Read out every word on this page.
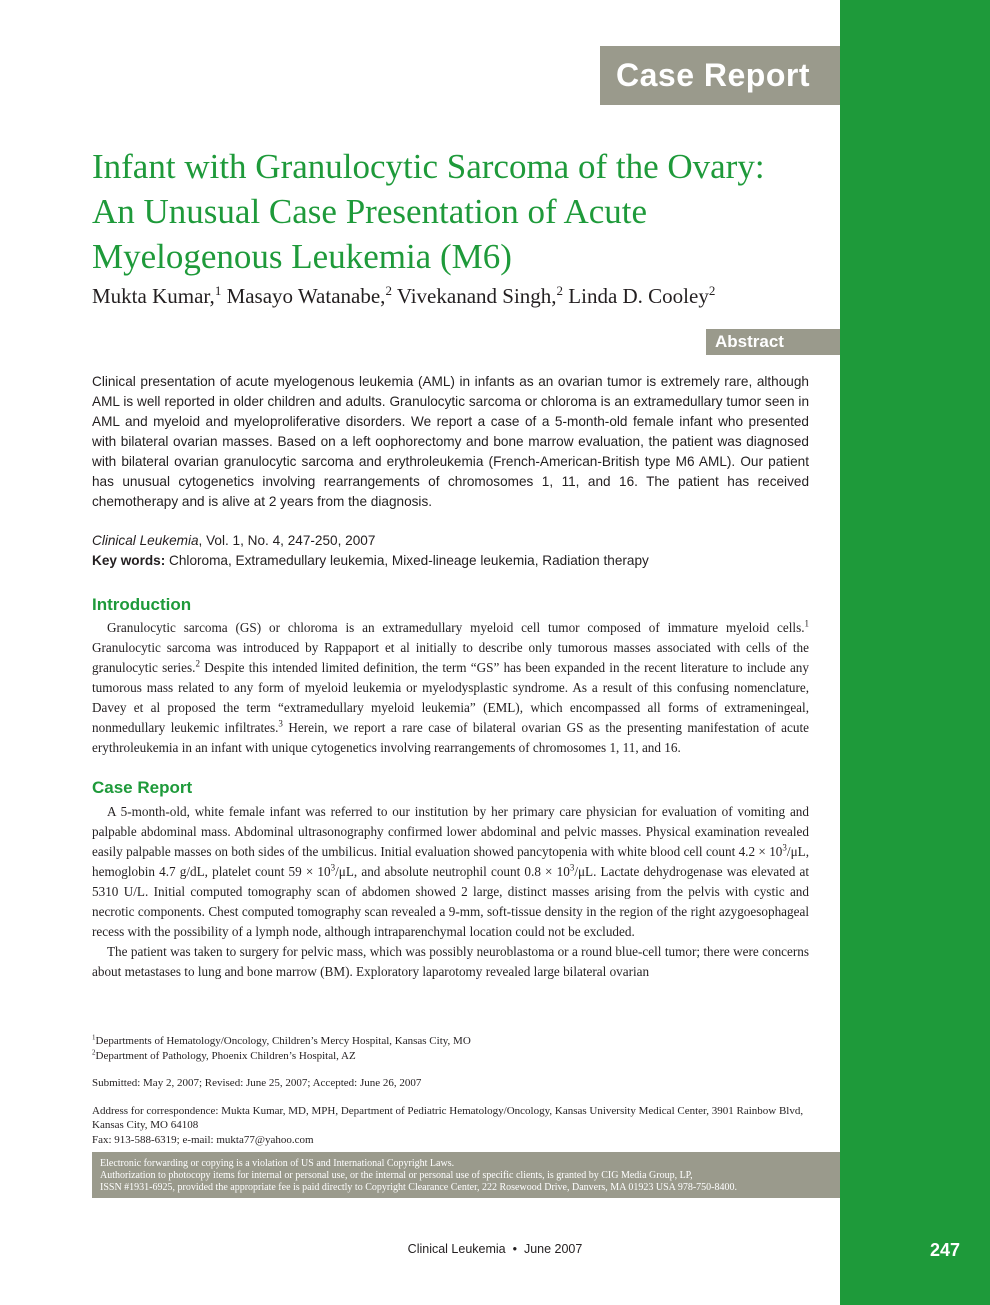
247
Case Report
Infant with Granulocytic Sarcoma of the Ovary:
An Unusual Case Presentation of Acute
Myelogenous Leukemia (M6)
Mukta Kumar,$^1$ Masayo Watanabe,$^2$ Vivekanand Singh,$^2$ Linda D. Cooley$^2$
Abstract

Clinical presentation of acute myelogenous leukemia (AML) in infants as an ovarian tumor is extremely rare, although AML is well reported in older children and adults. Granulocytic sarcoma or chloroma is an extramedullary tumor seen in AML and myeloid and myeloproliferative disorders. We report a case of a 5-month-old female infant who presented with bilateral ovarian masses. Based on a left oophorectomy and bone marrow evaluation, the patient was diagnosed with bilateral ovarian granulocytic sarcoma and erythroleukemia (French-American-British type M6 AML). Our patient has unusual cytogenetics involving rearrangements of chromosomes 1, 11, and 16. The patient has received chemotherapy and is alive at 2 years from the diagnosis.

Clinical Leukemia, Vol. 1, No. 4, 247-250, 2007
Key words: Chloroma, Extramedullary leukemia, Mixed-lineage leukemia, Radiation therapy
Introduction

Granulocytic sarcoma (GS) or chloroma is an extramedullary myeloid cell tumor composed of immature myeloid cells.$^1$ Granulocytic sarcoma was introduced by Rappaport et al initially to describe only tumorous masses associated with cells of the granulocytic series.$^2$ Despite this intended limited definition, the term “GS” has been expanded in the recent literature to include any tumorous mass related to any form of myeloid leukemia or myelodysplastic syndrome. As a result of this confusing nomenclature, Davey et al proposed the term “extramedullary myeloid leukemia” (EML), which encompassed all forms of extrameningeal, nonmedullary leukemic infiltrates.$^3$ Herein, we report a rare case of bilateral ovarian GS as the presenting manifestation of acute erythroleukemia in an infant with unique cytogenetics involving rearrangements of chromosomes 1, 11, and 16.

Case Report

A 5-month-old, white female infant was referred to our institution by her primary care physician for evaluation of vomiting and palpable abdominal mass. Abdominal ultrasonography confirmed lower abdominal and pelvic masses. Physical examination revealed easily palpable masses on both sides of the umbilicus. Initial evaluation showed pancytopenia with white blood cell count $4.2 \times 10^3/\mu L$, hemoglobin 4.7 g/dL, platelet count $59 \times 10^3/\mu L$, and absolute neutrophil count $0.8 \times 10^3/\mu L$. Lactate dehydrogenase was elevated at 5310 U/L. Initial computed tomography scan of abdomen showed 2 large, distinct masses arising from the pelvis with cystic and necrotic components. Chest computed tomography scan revealed a 9-mm, soft-tissue density in the region of the right azygoesophageal recess with the possibility of a lymph node, although intraparenchymal location could not be excluded.

The patient was taken to surgery for pelvic mass, which was possibly neuroblastoma or a round blue-cell tumor; there were concerns about metastases to lung and bone marrow (BM). Exploratory laparotomy revealed large bilateral ovarian

$^1$Departments of Hematology/Oncology, Children’s Mercy Hospital, Kansas City, MO

$^2$Department of Pathology, Phoenix Children’s Hospital, AZ

Submitted: May 2, 2007; Revised: June 25, 2007; Accepted: June 26, 2007

Address for correspondence: Mukta Kumar, MD, MPH, Department of Pediatric Hematology/Oncology, Kansas University Medical Center, 3901 Rainbow Blvd, Kansas City, MO 64108

Fax: 913-588-6319; e-mail: mukta77@yahoo.com

Electronic forwarding or copying is a violation of US and International Copyright Laws.

Authorization to photocopy items for internal or personal use, or the internal or personal use of specific clients, is granted by CIG Media Group, LP,

ISSN #1931-6925, provided the appropriate fee is paid directly to Copyright Clearance Center, 222 Rosewood Drive, Danvers, MA 01923 USA 978-750-8400.

Clinical Leukemia • June 2007
